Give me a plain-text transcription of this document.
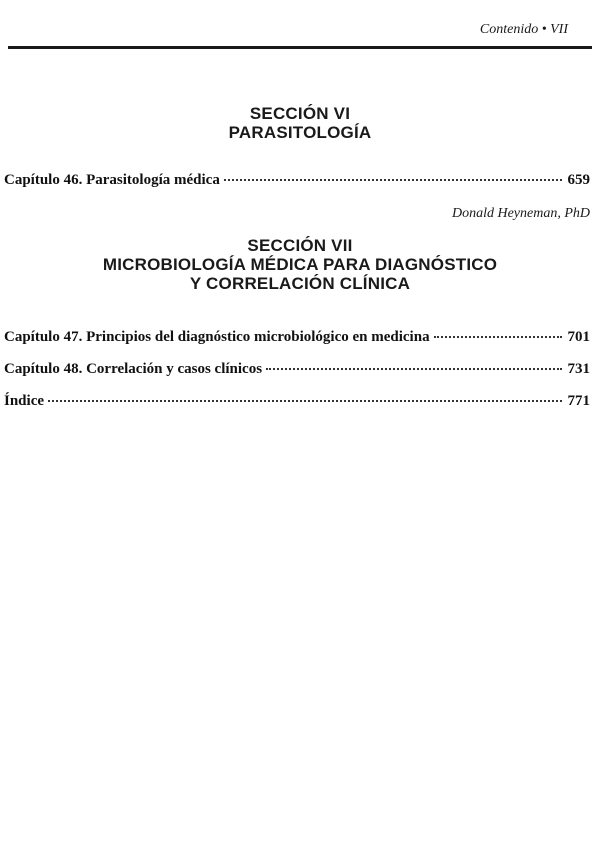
Contenido • VII
SECCIÓN VI
PARASITOLOGÍA
Capítulo 46. Parasitología médica	659
Donald Heyneman, PhD
SECCIÓN VII
MICROBIOLOGÍA MÉDICA PARA DIAGNÓSTICO
Y CORRELACIÓN CLÍNICA
Capítulo 47. Principios del diagnóstico microbiológico en medicina	701
Capítulo 48. Correlación y casos clínicos	731
Índice	771
